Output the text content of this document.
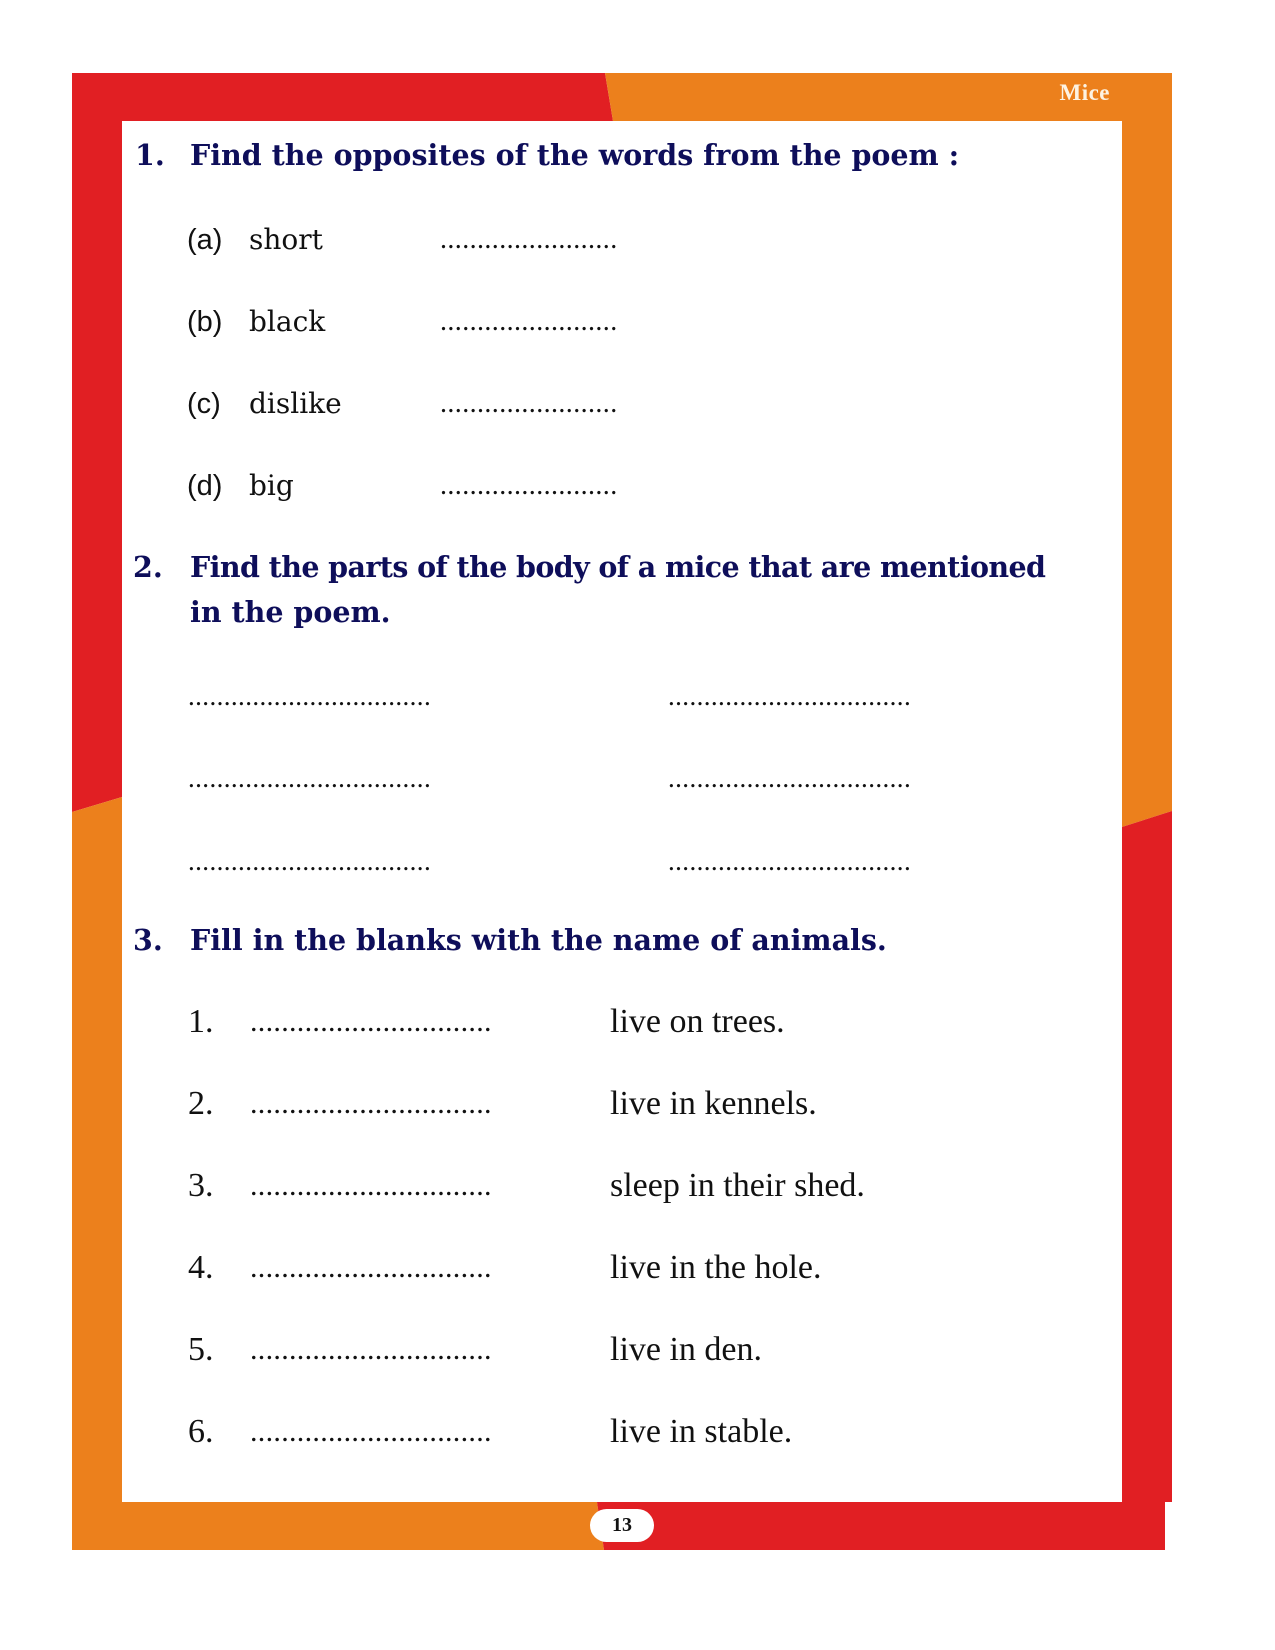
Mice
1. Find the opposites of the words from the poem :
(a) short	........................
(b) black	........................
(c) dislike	........................
(d) big	........................
2. Find the parts of the body of a mice that are mentioned
in the poem.
..................................	..................................
..................................	..................................
..................................	..................................
3. Fill in the blanks with the name of animals.
1. ...............................	live on trees.
2. ...............................	live in kennels.
3. ...............................	sleep in their shed.
4. ...............................	live in the hole.
5. ...............................	live in den.
6. ...............................	live in stable.
13
